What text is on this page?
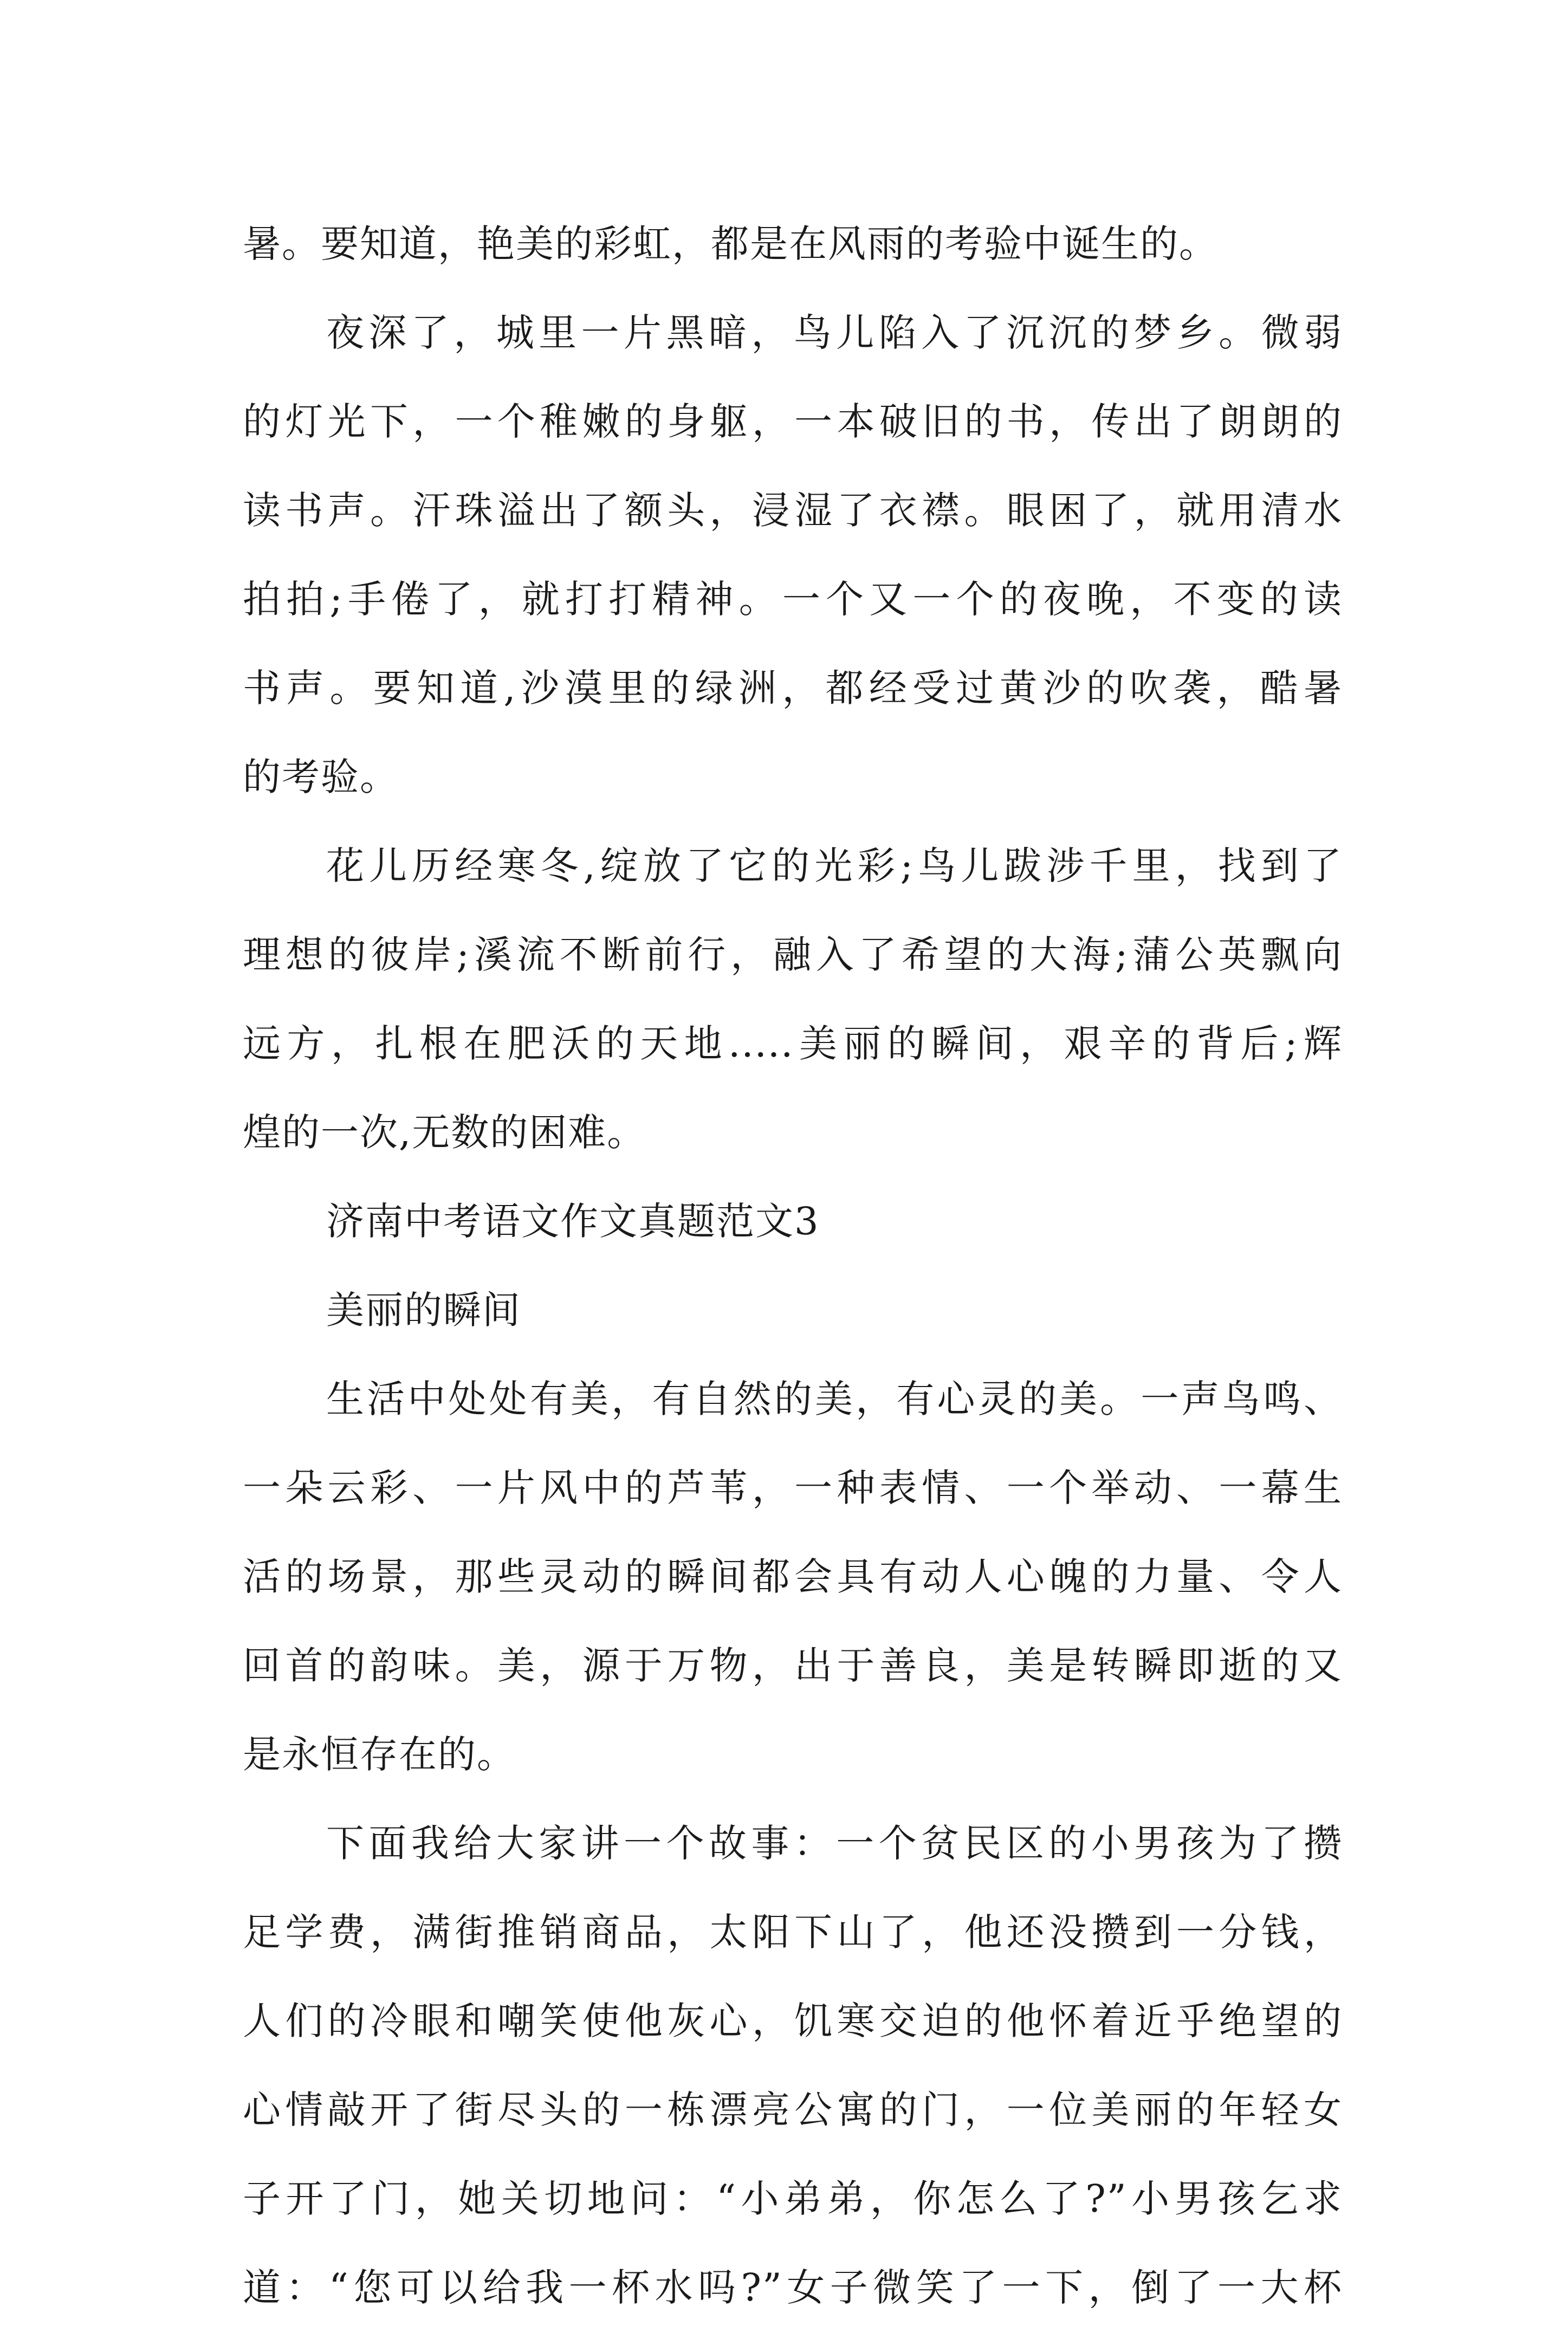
暑。要知道，艳美的彩虹，都是在风雨的考验中诞生的。
夜深了，城里一片黑暗，鸟儿陷入了沉沉的梦乡。微弱
的灯光下，一个稚嫩的身躯，一本破旧的书，传出了朗朗的
读书声。汗珠溢出了额头，浸湿了衣襟。眼困了，就用清水
拍拍;手倦了，就打打精神。一个又一个的夜晚，不变的读
书声。要知道,沙漠里的绿洲，都经受过黄沙的吹袭，酷暑
的考验。
花儿历经寒冬,绽放了它的光彩;鸟儿跋涉千里，找到了
理想的彼岸;溪流不断前行，融入了希望的大海;蒲公英飘向
远方，扎根在肥沃的天地.....美丽的瞬间，艰辛的背后;辉
煌的一次,无数的困难。
济南中考语文作文真题范文3
美丽的瞬间
生活中处处有美，有自然的美，有心灵的美。一声鸟鸣、
一朵云彩、一片风中的芦苇，一种表情、一个举动、一幕生
活的场景，那些灵动的瞬间都会具有动人心魄的力量、令人
回首的韵味。美，源于万物，出于善良，美是转瞬即逝的又
是永恒存在的。
下面我给大家讲一个故事：一个贫民区的小男孩为了攒
足学费，满街推销商品，太阳下山了，他还没攒到一分钱，
人们的冷眼和嘲笑使他灰心，饥寒交迫的他怀着近乎绝望的
心情敲开了街尽头的一栋漂亮公寓的门，一位美丽的年轻女
子开了门，她关切地问：“小弟弟，你怎么了?”小男孩乞求
道：“您可以给我一杯水吗?”女子微笑了一下，倒了一大杯
